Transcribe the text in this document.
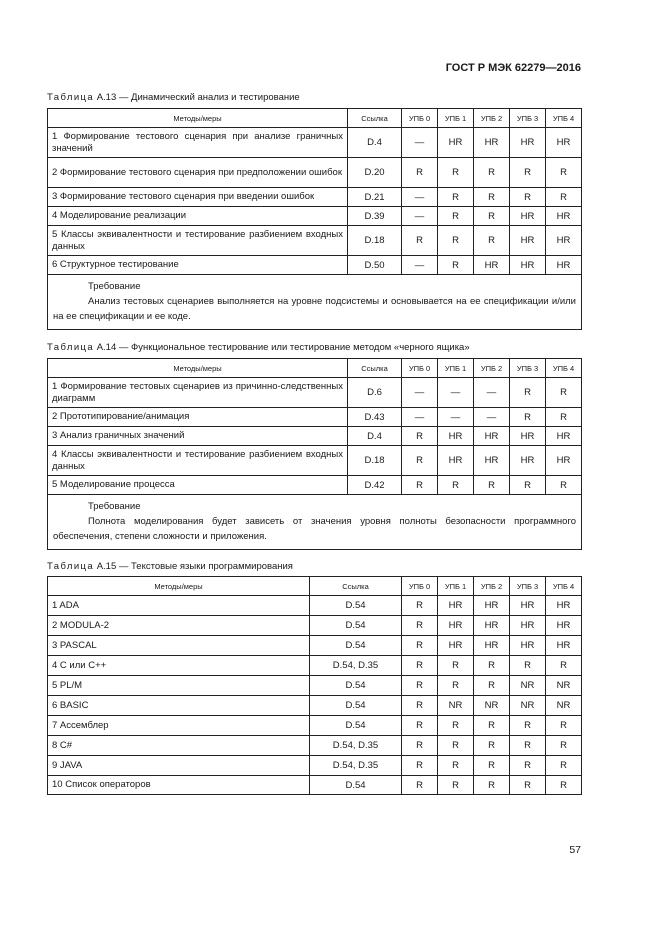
ГОСТ Р МЭК 62279—2016
Таблица А.13 — Динамический анализ и тестирование
Методы/меры	Ссылка	УПБ 0	УПБ 1	УПБ 2	УПБ 3	УПБ 4
1 Формирование тестового сценария при анализе граничных значений	D.4	—	HR	HR	HR	HR
2 Формирование тестового сценария при предположении ошибок	D.20	R	R	R	R	R
3 Формирование тестового сценария при введении ошибок	D.21	—	R	R	R	R
4 Моделирование реализации	D.39	—	R	R	HR	HR
5 Классы эквивалентности и тестирование разбиением входных данных	D.18	R	R	R	HR	HR
6 Структурное тестирование	D.50	—	R	HR	HR	HR

Требование
Анализ тестовых сценариев выполняется на уровне подсистемы и основывается на ее спецификации и/или на ее спецификации и ее коде.						
Таблица А.14 — Функциональное тестирование или тестирование методом «черного ящика»
Методы/меры	Ссылка	УПБ 0	УПБ 1	УПБ 2	УПБ 3	УПБ 4
1 Формирование тестовых сценариев из причинно-следственных диаграмм	D.6	—	—	—	R	R
2 Прототипирование/анимация	D.43	—	—	—	R	R
3 Анализ граничных значений	D.4	R	HR	HR	HR	HR
4 Классы эквивалентности и тестирование разбиением входных данных	D.18	R	HR	HR	HR	HR
5 Моделирование процесса	D.42	R	R	R	R	R

Требование
Полнота моделирования будет зависеть от значения уровня полноты безопасности программного обеспечения, степени сложности и приложения.						
Таблица А.15 — Текстовые языки программирования
Методы/меры	Ссылка	УПБ 0	УПБ 1	УПБ 2	УПБ 3	УПБ 4
1 ADA	D.54	R	HR	HR	HR	HR
2 MODULA-2	D.54	R	HR	HR	HR	HR
3 PASCAL	D.54	R	HR	HR	HR	HR
4 C или C++	D.54, D.35	R	R	R	R	R
5 PL/M	D.54	R	R	R	NR	NR
6 BASIC	D.54	R	NR	NR	NR	NR
7 Ассемблер	D.54	R	R	R	R	R
8 C#	D.54, D.35	R	R	R	R	R
9 JAVA	D.54, D.35	R	R	R	R	R
10 Список операторов	D.54	R	R	R	R	R
57
